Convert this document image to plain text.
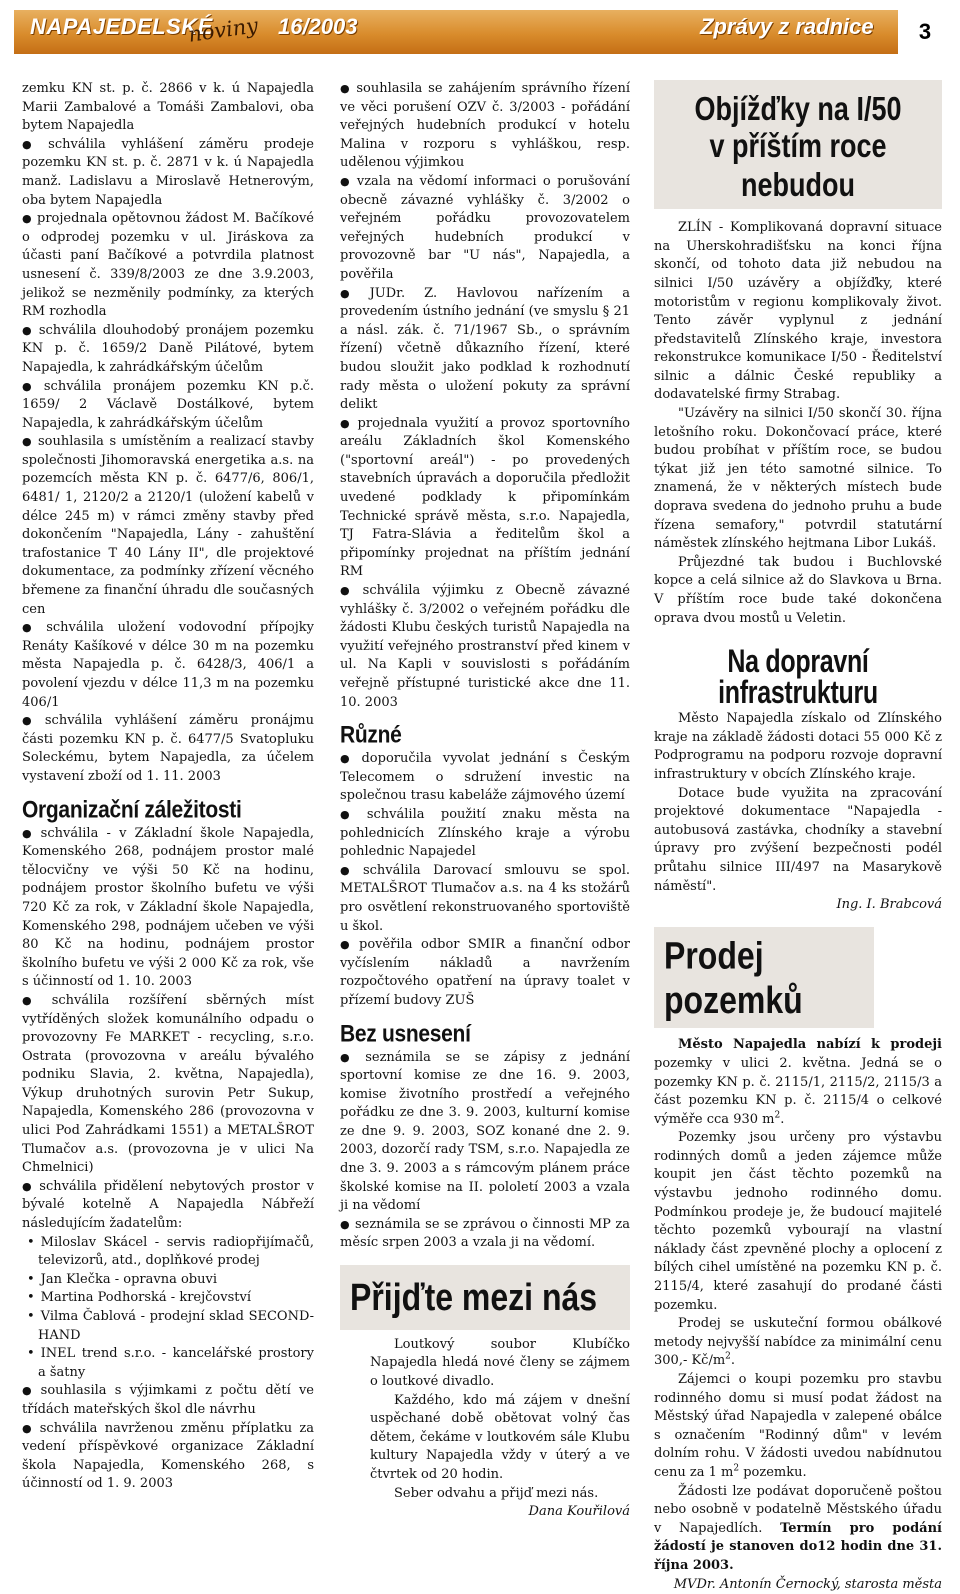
NAPAJEDELSKÉ
noviny 16/2003	Zprávy z radnice	3

zemku KN st. p. č. 2866 v k. ú Napajedla Marii Zambalové a Tomáši Zambalovi, oba bytem Napajedla

● schválila vyhlášení záměru prodeje pozemku KN st. p. č. 2871 v k. ú Napajedla manž. Ladislavu a Miroslavě Hetnerovým, oba bytem Napajedla

● projednala opětovnou žádost M. Bačíkové o odprodej pozemku v ul. Jiráskova za účasti paní Bačíkové a potvrdila platnost usnesení č. 339/8/2003 ze dne 3.9.2003, jelikož se nezměnily podmínky, za kterých RM rozhodla

● schválila dlouhodobý pronájem pozemku KN p. č. 1659/2 Daně Pilátové, bytem Napajedla, k zahrádkářským účelům

● schválila pronájem pozemku KN p.č. 1659/ 2 Václavě Dostálkové, bytem Napajedla, k zahrádkářským účelům

● souhlasila s umístěním a realizací stavby společnosti Jihomoravská energetika a.s. na pozemcích města KN p. č. 6477/6, 806/1, 6481/ 1, 2120/2 a 2120/1 (uložení kabelů v délce 245 m) v rámci změny stavby před dokončením "Napajedla, Lány - zahuštění trafostanice T 40 Lány II", dle projektové dokumentace, za podmínky zřízení věcného břemene za finanční úhradu dle současných cen

● schválila uložení vodovodní přípojky Renáty Kašíkové v délce 30 m na pozemku města Napajedla p. č. 6428/3, 406/1 a povolení vjezdu v délce 11,3 m na pozemku 406/1

● schválila vyhlášení záměru pronájmu části pozemku KN p. č. 6477/5 Svatopluku Soleckému, bytem Napajedla, za účelem vystavení zboží od 1. 11. 2003

Organizační záležitosti

● schválila - v Základní škole Napajedla, Komenského 268, podnájem prostor malé tělocvičny ve výši 50 Kč na hodinu, podnájem prostor školního bufetu ve výši 720 Kč za rok, v Základní škole Napajedla, Komenského 298, podnájem učeben ve výši 80 Kč na hodinu, podnájem prostor školního bufetu ve výši 2 000 Kč za rok, vše s účinností od 1. 10. 2003

● schválila rozšíření sběrných míst vytříděných složek komunálního odpadu o provozovny Fe MARKET - recycling, s.r.o. Ostrata (provozovna v areálu bývalého podniku Slavia, 2. května, Napajedla), Výkup druhotných surovin Petr Sukup, Napajedla, Komenského 286 (provozovna v ulici Pod Zahrádkami 1551) a METALŠROT Tlumačov a.s. (provozovna je v ulici Na Chmelnici)

● schválila přidělení nebytových prostor v bývalé kotelně A Napajedla Nábřeží následujícím žadatelům:

• Miloslav Skácel - servis radiopřijímačů, televizorů, atd., doplňkové prodej

• Jan Klečka - opravna obuvi

• Martina Podhorská - krejčovství

• Vilma Čablová - prodejní sklad SECOND-HAND

• INEL trend s.r.o. - kancelářské prostory a šatny

● souhlasila s výjimkami z počtu dětí ve třídách mateřských škol dle návrhu

● schválila navrženou změnu příplatku za vedení příspěvkové organizace Základní škola Napajedla, Komenského 268, s účinností od 1. 9. 2003

● souhlasila se zahájením správního řízení ve věci porušení OZV č. 3/2003 - pořádání veřejných hudebních produkcí v hotelu Malina v rozporu s vyhláškou, resp. udělenou výjimkou

● vzala na vědomí informaci o porušování obecně závazné vyhlášky č. 3/2002 o veřejném pořádku provozovatelem veřejných hudebních produkcí v provozovně bar "U nás", Napajedla, a pověřila

● JUDr. Z. Havlovou nařízením a provedením ústního jednání (ve smyslu § 21 a násl. zák. č. 71/1967 Sb., o správním řízení) včetně důkazního řízení, které budou sloužit jako podklad k rozhodnutí rady města o uložení pokuty za správní delikt

● projednala využití a provoz sportovního areálu Základních škol Komenského ("sportovní areál") - po provedených stavebních úpravách a doporučila předložit uvedené podklady k připomínkám Technické správě města, s.r.o. Napajedla, TJ Fatra-Slávia a ředitelům škol a připomínky projednat na příštím jednání RM

● schválila výjimku z Obecně závazné vyhlášky č. 3/2002 o veřejném pořádku dle žádosti Klubu českých turistů Napajedla na využití veřejného prostranství před kinem v ul. Na Kapli v souvislosti s pořádáním veřejně přístupné turistické akce dne 11. 10. 2003

Různé

● doporučila vyvolat jednání s Českým Telecomem o sdružení investic na společnou trasu kabeláže zájmového území

● schválila použití znaku města na pohlednicích Zlínského kraje a výrobu pohlednic Napajedel

● schválila Darovací smlouvu se spol. METALŠROT Tlumačov a.s. na 4 ks stožárů pro osvětlení rekonstruovaného sportoviště u škol.

● pověřila odbor SMIR a finanční odbor vyčíslením nákladů a navržením rozpočtového opatření na úpravy toalet v přízemí budovy ZUŠ

Bez usnesení

● seznámila se se zápisy z jednání sportovní komise ze dne 16. 9. 2003, komise životního prostředí a veřejného pořádku ze dne 3. 9. 2003, kulturní komise ze dne 9. 9. 2003, SOZ konané dne 2. 9. 2003, dozorčí rady TSM, s.r.o. Napajedla ze dne 3. 9. 2003 a s rámcovým plánem práce školské komise na II. pololetí 2003 a vzala ji na vědomí

● seznámila se se zprávou o činnosti MP za měsíc srpen 2003 a vzala ji na vědomí.

Přijďte mezi nás

Loutkový soubor Klubíčko Napajedla hledá nové členy se zájmem o loutkové divadlo.

Každého, kdo má zájem v dnešní uspěchané době obětovat volný čas dětem, čekáme v loutkovém sále Klubu kultury Napajedla vždy v úterý a ve čtvrtek od 20 hodin.

Seber odvahu a přijď mezi nás.

Dana Kouřilová

Objížďky na I/50
v příštím roce nebudou

ZLÍN - Komplikovaná dopravní situace na Uherskohradišťsku na konci října skončí, od tohoto data již nebudou na silnici I/50 uzávěry a objížďky, které motoristům v regionu komplikovaly život. Tento závěr vyplynul z jednání představitelů Zlínského kraje, investora rekonstrukce komunikace I/50 - Ředitelství silnic a dálnic České republiky a dodavatelské firmy Strabag.

"Uzávěry na silnici I/50 skončí 30. října letošního roku. Dokončovací práce, které budou probíhat v příštím roce, se budou týkat již jen této samotné silnice. To znamená, že v některých místech bude doprava svedena do jednoho pruhu a bude řízena semafory," potvrdil statutární náměstek zlínského hejtmana Libor Lukáš.

Průjezdné tak budou i Buchlovské kopce a celá silnice až do Slavkova u Brna. V příštím roce bude také dokončena oprava dvou mostů u Veletin.

Na dopravní infrastrukturu

Město Napajedla získalo od Zlínského kraje na základě žádosti dotaci 55 000 Kč z Podprogramu na podporu rozvoje dopravní infrastruktury v obcích Zlínského kraje.

Dotace bude využita na zpracování projektové dokumentace "Napajedla - autobusová zastávka, chodníky a stavební úpravy pro zvýšení bezpečnosti podél průtahu silnice III/497 na Masarykově náměstí".

Ing. I. Brabcová

Prodej pozemků

Město Napajedla nabízí k prodeji pozemky v ulici 2. května. Jedná se o pozemky KN p. č. 2115/1, 2115/2, 2115/3 a část pozemku KN p. č. 2115/4 o celkové výměře cca 930 $m^2$.

Pozemky jsou určeny pro výstavbu rodinných domů a jeden zájemce může koupit jen část těchto pozemků na výstavbu jednoho rodinného domu. Podmínkou prodeje je, že budoucí majitelé těchto pozemků vybourají na vlastní náklady část zpevněné plochy a oplocení z bílých cihel umístěné na pozemku KN p. č. 2115/4, které zasahují do prodané části pozemku.

Prodej se uskuteční formou obálkové metody nejvyšší nabídce za minimální cenu 300,- $Kč/m^2$.

Zájemci o koupi pozemku pro stavbu rodinného domu si musí podat žádost na Městský úřad Napajedla v zalepené obálce s označením "Rodinný dům" v levém dolním rohu. V žádosti uvedou nabídnutou cenu za 1 $m^2$ pozemku.

Žádosti lze podávat doporučeně poštou nebo osobně v podatelně Městského úřadu v Napajedlích. Termín pro podání žádostí je stanoven do12 hodin dne 31. října 2003.

MVDr. Antonín Černocký, starosta města
